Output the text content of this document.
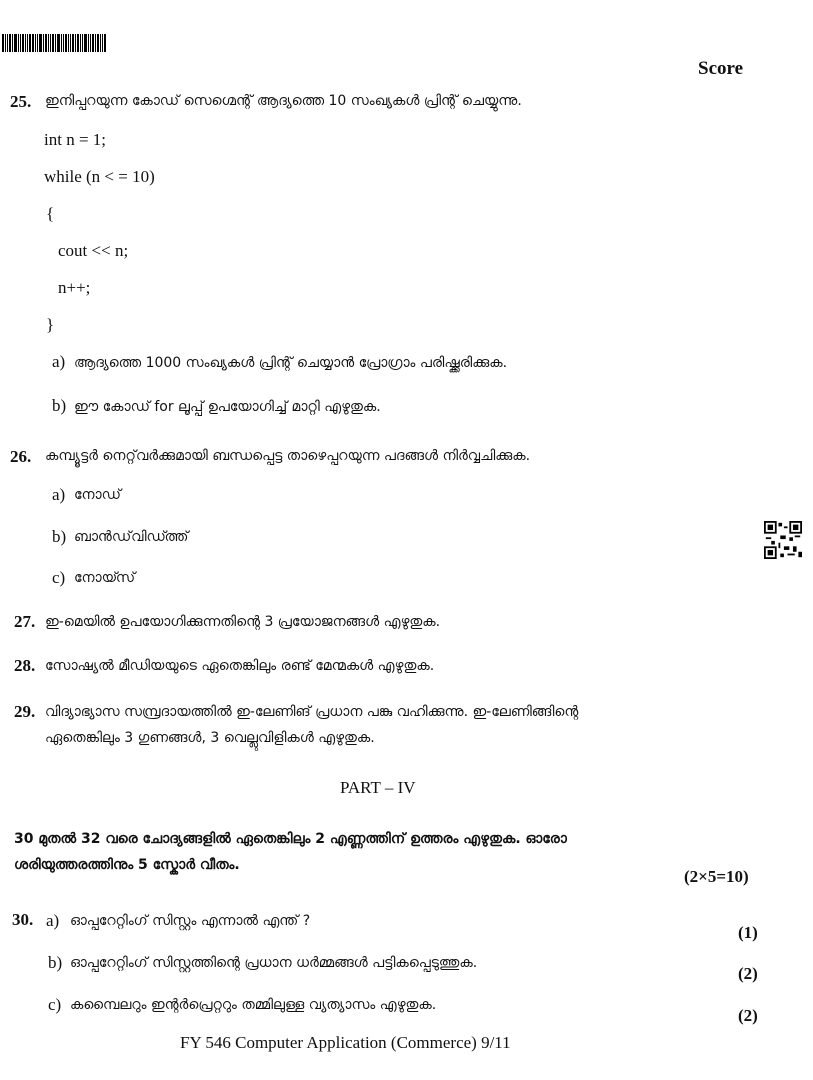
Score
25. ഇനിപ്പറയുന്ന കോഡ് സെഗ്മെന്റ് ആദ്യത്തെ 10 സംഖ്യകൾ പ്രിന്റ് ചെയ്യുന്നു.
int n = 1;
while (n < = 10)
{
cout << n;
n++;
}
a) ആദ്യത്തെ 1000 സംഖ്യകൾ പ്രിന്റ് ചെയ്യാൻ പ്രോഗ്രാം പരിഷ്ക്കരിക്കുക.
b) ഈ കോഡ് for ലൂപ്പ് ഉപയോഗിച്ച് മാറ്റി എഴുതുക.
26. കമ്പ്യൂട്ടർ നെറ്റ്‌വർക്കുമായി ബന്ധപ്പെട്ട താഴെപ്പറയുന്ന പദങ്ങൾ നിർവ്വചിക്കുക.
a) നോഡ്
b) ബാൻഡ്‌വിഡ്ത്ത്
c) നോയ്സ്
27. ഇ-മെയിൽ ഉപയോഗിക്കുന്നതിന്റെ 3 പ്രയോജനങ്ങൾ എഴുതുക.
28. സോഷ്യൽ മീഡിയയുടെ ഏതെങ്കിലും രണ്ട് മേന്മകൾ എഴുതുക.
29. വിദ്യാഭ്യാസ സമ്പ്രദായത്തിൽ ഇ-ലേണിങ് പ്രധാന പങ്കു വഹിക്കുന്നു. ഇ-ലേണിങ്ങിന്റെ
ഏതെങ്കിലും 3 ഗുണങ്ങൾ, 3 വെല്ലുവിളികൾ എഴുതുക.
PART – IV
30 മുതൽ 32 വരെ ചോദ്യങ്ങളിൽ ഏതെങ്കിലും 2 എണ്ണത്തിന് ഉത്തരം എഴുതുക. ഓരോ
ശരിയുത്തരത്തിനും 5 സ്കോർ വീതം.
(2×5=10)
30. a) ഓപ്പറേറ്റിംഗ് സിസ്റ്റം എന്നാൽ എന്ത് ?
(1)
b) ഓപ്പറേറ്റിംഗ് സിസ്റ്റത്തിന്റെ പ്രധാന ധർമ്മങ്ങൾ പട്ടികപ്പെടുത്തുക.
(2)
c) കമ്പൈലറും ഇന്റർപ്രെറ്ററും തമ്മിലുള്ള വ്യത്യാസം എഴുതുക.
(2)
FY 546 Computer Application (Commerce) 9/11
